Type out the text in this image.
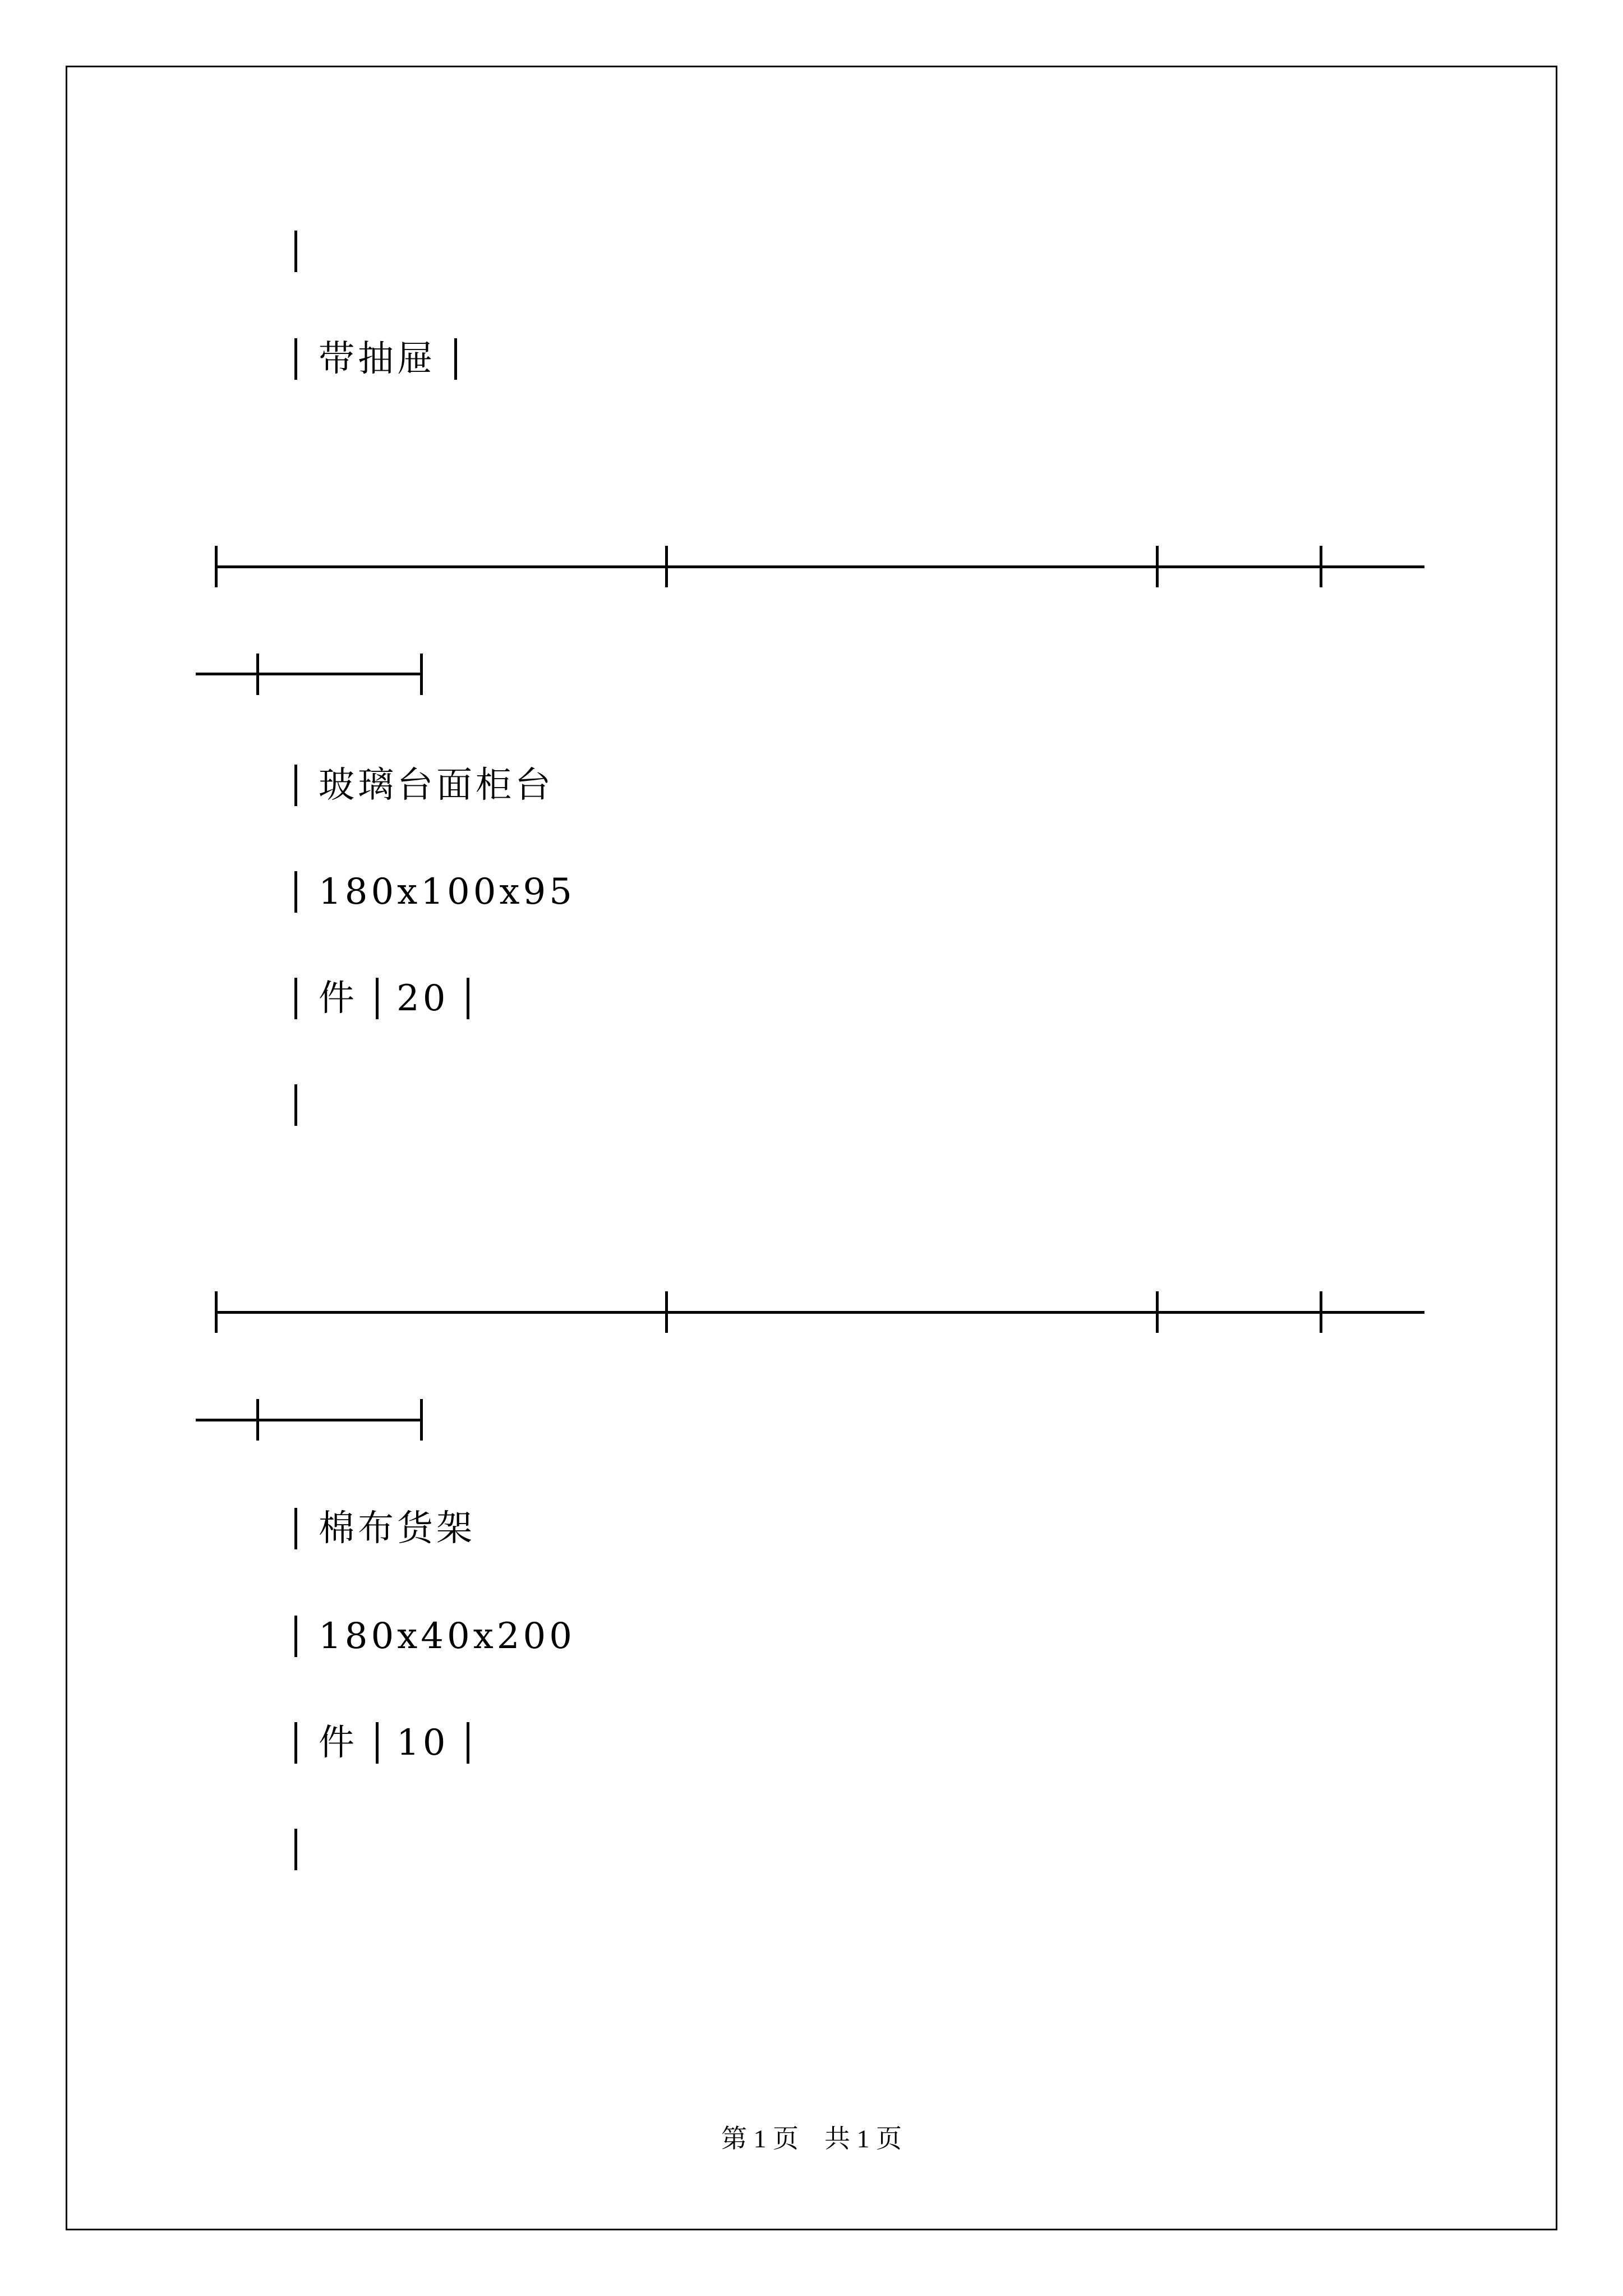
带抽屉
玻璃台面柜台
180x100x95
件 20
棉布货架
180x40x200
件 10
第 1 页　共 1 页
